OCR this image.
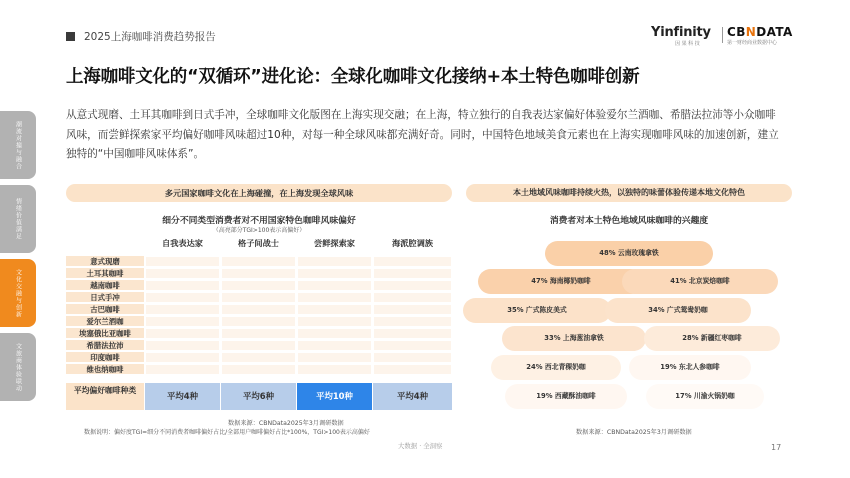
2025上海咖啡消费趋势报告	Yinfinity
因 果 科 技
CBNDATA
第一财经商业数据中心
上海咖啡文化的“双循环”进化论：全球化咖啡文化接纳+本土特色咖啡创新
从意式现磨、土耳其咖啡到日式手冲，全球咖啡文化版图在上海实现交融；在上海，特立独行的自我表达家偏好体验爱尔兰酒咖、希腊法拉沛等小众咖啡风味，而尝鲜探索家平均偏好咖啡风味超过10种，对每一种全球风味都充满好奇。同时，中国特色地域美食元素也在上海实现咖啡风味的加速创新，建立独特的“中国咖啡风味体系”。
潮流对撞与融合
情绪价值满足
文化交融与创新
文旅商体验联动
多元国家咖啡文化在上海碰撞，在上海发现全球风味
细分不同类型消费者对不用国家特色咖啡风味偏好
（高亮部分TGI>100表示高偏好）
自我表达家	格子间战士	尝鲜探索家	海派腔调族
意式现磨
土耳其咖啡
越南咖啡
日式手冲
古巴咖啡
爱尔兰酒咖
埃塞俄比亚咖啡
希腊法拉沛
印度咖啡
维也纳咖啡
平均偏好咖啡种类
平均4种	平均6种	平均10种	平均4种
数据来源：CBNData2025年3月调研数据
数据说明：偏好度TGI=细分不同消费者咖啡偏好占比/全部用户咖啡偏好占比*100%，TGI>100表示高偏好
大数据 · 全洞察
本土地域风味咖啡持续火热，以独特的味蕾体验传递本地文化特色
消费者对本土特色地域风味咖啡的兴趣度
48% 云南玫瑰拿铁
47% 海南椰奶咖啡	41% 北京炭焙咖啡
35% 广式陈皮美式	34% 广式鸳鸯奶咖
33% 上海葱油拿铁	28% 新疆红枣咖啡
24% 西北青稞奶咖	19% 东北人参咖啡
19% 西藏酥油咖啡	17% 川渝火锅奶咖
数据来源：CBNData2025年3月调研数据
17
